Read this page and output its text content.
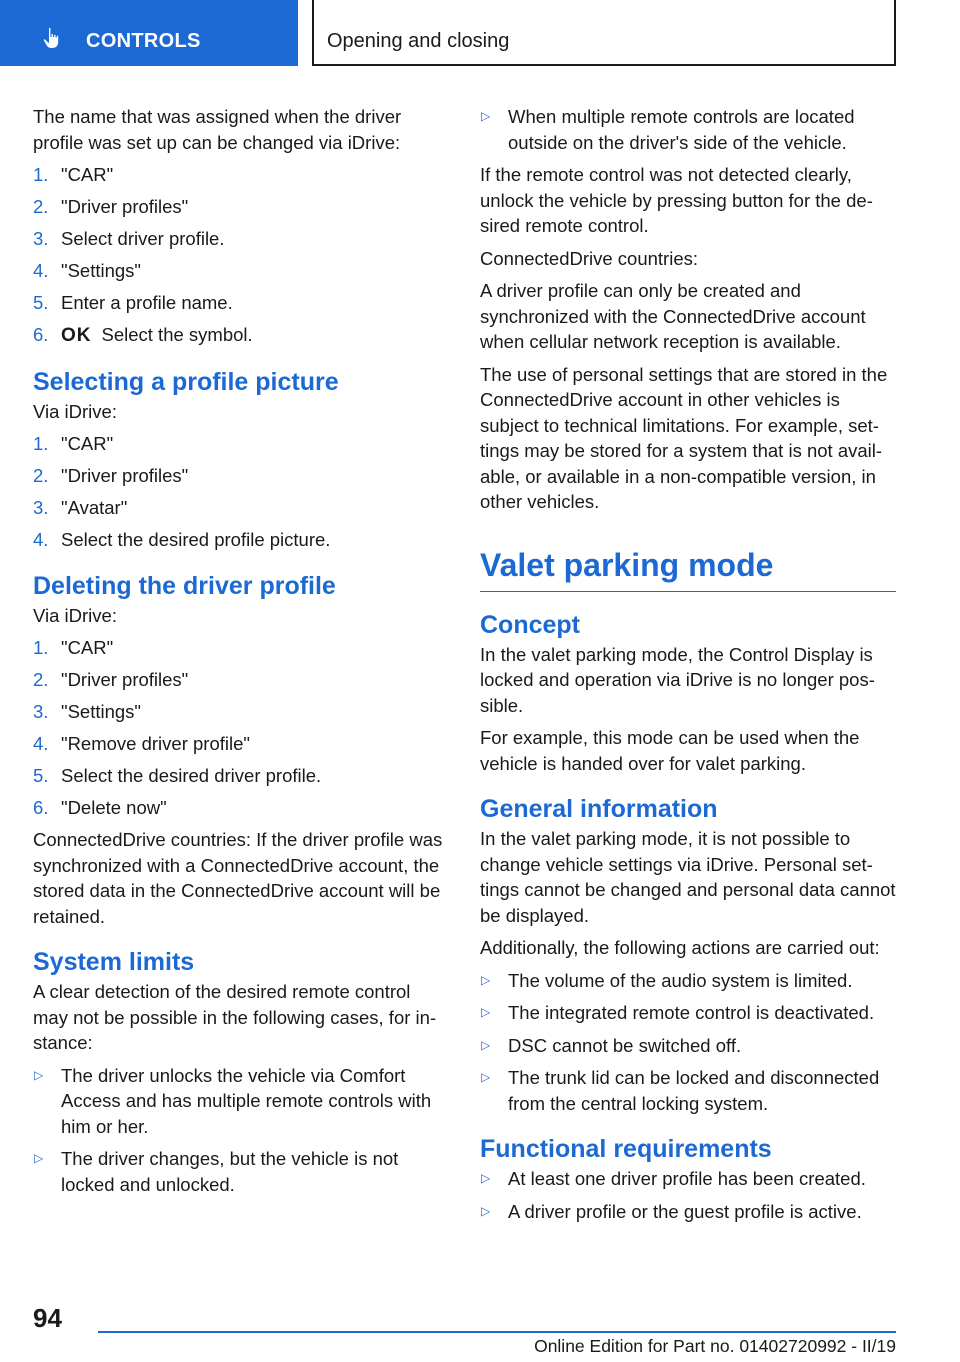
CONTROLS	Opening and closing

The name that was assigned when the driver profile was set up can be changed via iDrive:

1. "CAR"
2. "Driver profiles"
3. Select driver profile.
4. "Settings"
5. Enter a profile name.
6. OK Select the symbol.
Selecting a profile picture

Via iDrive:

1. "CAR"
2. "Driver profiles"
3. "Avatar"
4. Select the desired profile picture.
Deleting the driver profile

Via iDrive:

1. "CAR"
2. "Driver profiles"
3. "Settings"
4. "Remove driver profile"
5. Select the desired driver profile.
6. "Delete now"

ConnectedDrive countries: If the driver profile was synchronized with a ConnectedDrive account, the stored data in the ConnectedDrive account will be retained.

System limits

A clear detection of the desired remote control may not be possible in the following cases, for instance:

▷ The driver unlocks the vehicle via Comfort Access and has multiple remote controls with him or her.
▷ The driver changes, but the vehicle is not locked and unlocked.
▷ When multiple remote controls are located outside on the driver's side of the vehicle.

If the remote control was not detected clearly, unlock the vehicle by pressing button for the desired remote control.

ConnectedDrive countries:

A driver profile can only be created and synchronized with the ConnectedDrive account when cellular network reception is available.

The use of personal settings that are stored in the ConnectedDrive account in other vehicles is subject to technical limitations. For example, settings may be stored for a system that is not available, or available in a non-compatible version, in other vehicles.

Valet parking mode
Concept

In the valet parking mode, the Control Display is locked and operation via iDrive is no longer possible.

For example, this mode can be used when the vehicle is handed over for valet parking.

General information

In the valet parking mode, it is not possible to change vehicle settings via iDrive. Personal settings cannot be changed and personal data cannot be displayed.

Additionally, the following actions are carried out:

▷ The volume of the audio system is limited.
▷ The integrated remote control is deactivated.
▷ DSC cannot be switched off.
▷ The trunk lid can be locked and disconnected from the central locking system.
Functional requirements
▷ At least one driver profile has been created.
▷ A driver profile or the guest profile is active.
94
Online Edition for Part no. 01402720992 - II/19
